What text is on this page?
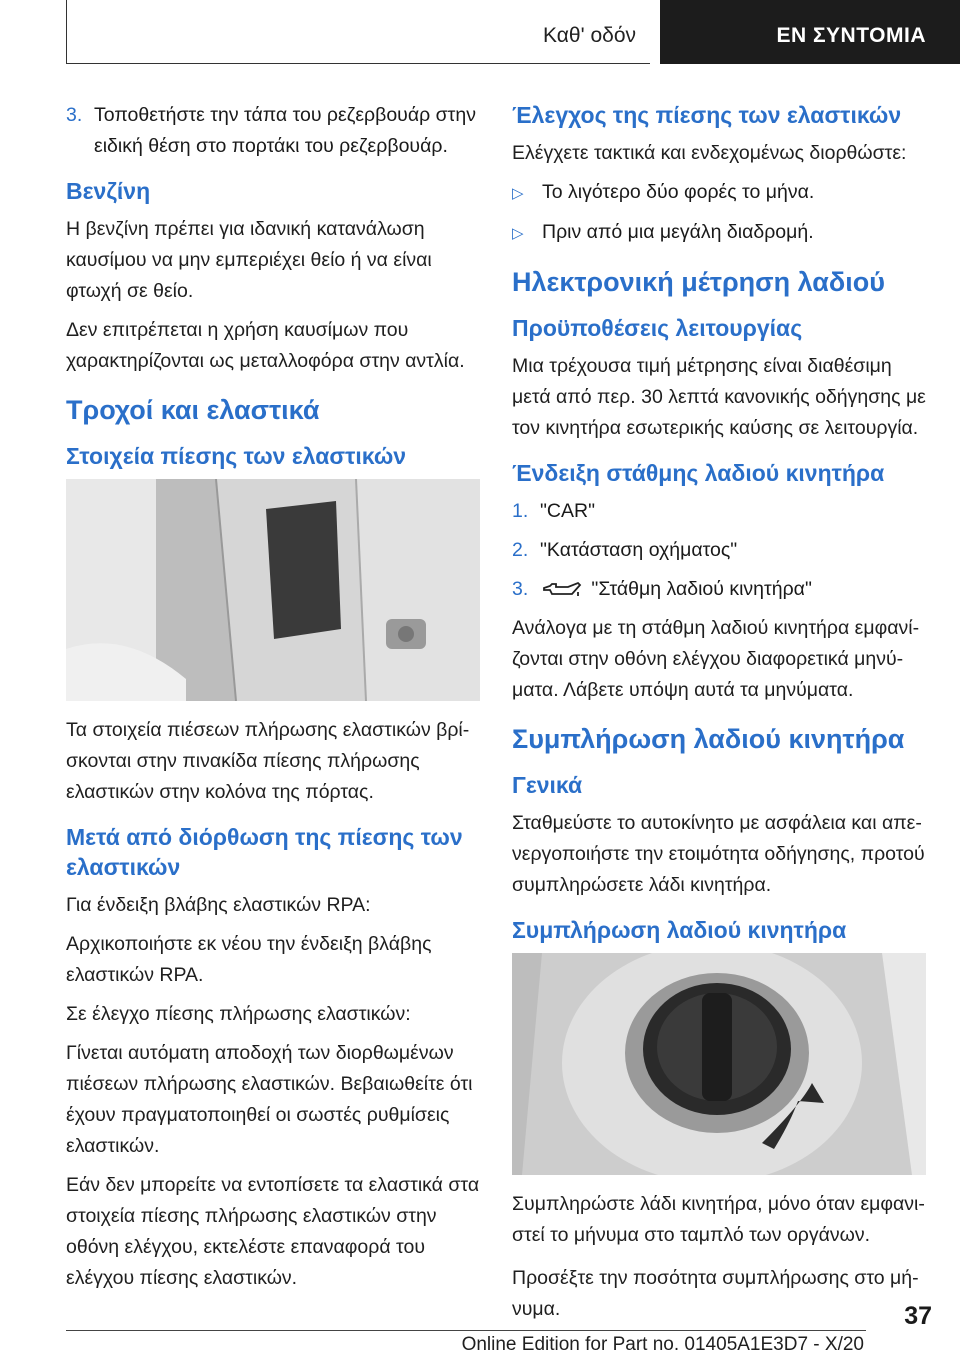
Καθ' οδόν	ΕΝ ΣΥΝΤΟΜΙΑ
3. Τοποθετήστε την τάπα του ρεζερβουάρ στην ειδική θέση στο πορτάκι του ρεζερβουάρ.
Βενζίνη

Η βενζίνη πρέπει για ιδανική κατανάλωση καυσίμου να μην εμπεριέχει θείο ή να είναι φτωχή σε θείο.

Δεν επιτρέπεται η χρήση καυσίμων που χαρακτηρίζονται ως μεταλλοφόρα στην αντλία.

Τροχοί και ελαστικά
Στοιχεία πίεσης των ελαστικών

Τα στοιχεία πιέσεων πλήρωσης ελαστικών βρίσκονται στην πινακίδα πίεσης πλήρωσης ελαστικών στην κολόνα της πόρτας.

Μετά από διόρθωση της πίεσης των ελαστικών

Για ένδειξη βλάβης ελαστικών RPA:

Αρχικοποιήστε εκ νέου την ένδειξη βλάβης ελαστικών RPA.

Σε έλεγχο πίεσης πλήρωσης ελαστικών:

Γίνεται αυτόματη αποδοχή των διορθωμένων πιέσεων πλήρωσης ελαστικών. Βεβαιωθείτε ότι έχουν πραγματοποιηθεί οι σωστές ρυθμίσεις ελαστικών.

Εάν δεν μπορείτε να εντοπίσετε τα ελαστικά στα στοιχεία πίεσης πλήρωσης ελαστικών στην οθόνη ελέγχου, εκτελέστε επαναφορά του ελέγχου πίεσης ελαστικών.

Έλεγχος της πίεσης των ελαστικών

Ελέγχετε τακτικά και ενδεχομένως διορθώστε:

▷ Το λιγότερο δύο φορές το μήνα.
▷ Πριν από μια μεγάλη διαδρομή.
Ηλεκτρονική μέτρηση λαδιού
Προϋποθέσεις λειτουργίας

Μια τρέχουσα τιμή μέτρησης είναι διαθέσιμη μετά από περ. 30 λεπτά κανονικής οδήγησης με τον κινητήρα εσωτερικής καύσης σε λειτουργία.

Ένδειξη στάθμης λαδιού κινητήρα
1. "CAR"
2. "Κατάσταση οχήματος"
3.	"Στάθμη λαδιού κινητήρα"

Ανάλογα με τη στάθμη λαδιού κινητήρα εμφανίζονται στην οθόνη ελέγχου διαφορετικά μηνύματα. Λάβετε υπόψη αυτά τα μηνύματα.

Συμπλήρωση λαδιού κινητήρα
Γενικά

Σταθμεύστε το αυτοκίνητο με ασφάλεια και απενεργοποιήστε την ετοιμότητα οδήγησης, προτού συμπληρώσετε λάδι κινητήρα.

Συμπλήρωση λαδιού κινητήρα

Συμπληρώστε λάδι κινητήρα, μόνο όταν εμφανιστεί το μήνυμα στο ταμπλό των οργάνων.

Προσέξτε την ποσότητα συμπλήρωσης στο μήνυμα.	37
Online Edition for Part no. 01405A1E3D7 - X/20
